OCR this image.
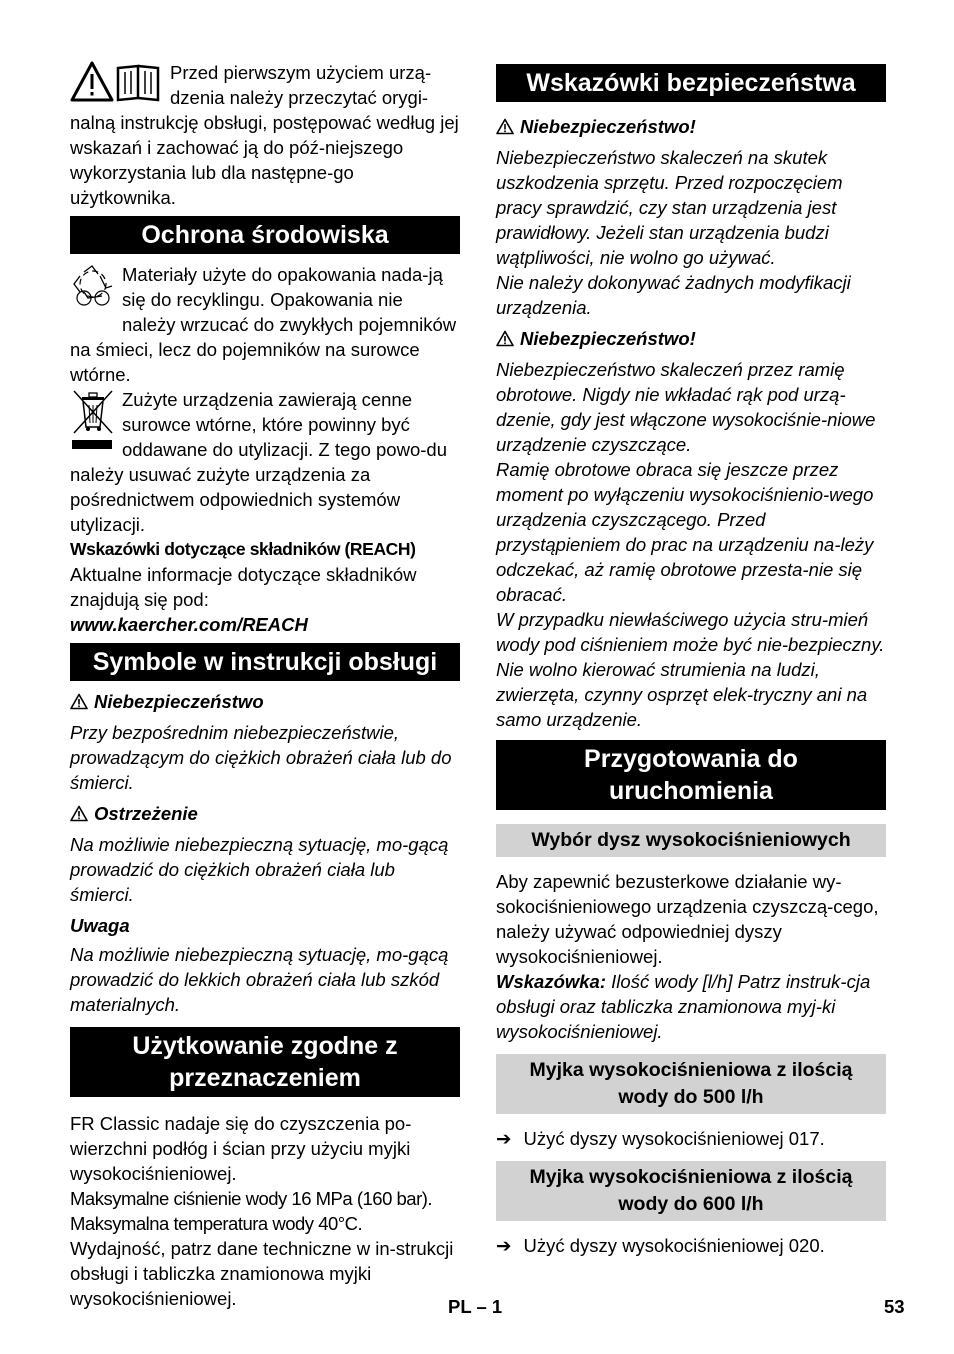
Przed pierwszym użyciem urzą-dzenia należy przeczytać orygi-nalną instrukcję obsługi, postępować według jej wskazań i zachować ją do póź-niejszego wykorzystania lub dla następne-go użytkownika.

Ochrona środowiska

Materiały użyte do opakowania nada-ją się do recyklingu. Opakowania nie należy wrzucać do zwykłych pojemników na śmieci, lecz do pojemników na surowce wtórne.

Zużyte urządzenia zawierają cenne surowce wtórne, które powinny być oddawane do utylizacji. Z tego powo-du należy usuwać zużyte urządzenia za pośrednictwem odpowiednich systemów utylizacji.

Wskazówki dotyczące składników (REACH)

Aktualne informacje dotyczące składników znajdują się pod:

www.kaercher.com/REACH

Symbole w instrukcji obsługi

Niebezpieczeństwo

Przy bezpośrednim niebezpieczeństwie, prowadzącym do ciężkich obrażeń ciała lub do śmierci.

Ostrzeżenie

Na możliwie niebezpieczną sytuację, mo-gącą prowadzić do ciężkich obrażeń ciała lub śmierci.

Uwaga

Na możliwie niebezpieczną sytuację, mo-gącą prowadzić do lekkich obrażeń ciała lub szkód materialnych.

Użytkowanie zgodne z przeznaczeniem

FR Classic nadaje się do czyszczenia po-wierzchni podłóg i ścian przy użyciu myjki wysokociśnieniowej.

Maksymalne ciśnienie wody 16 MPa (160 bar).

Maksymalna temperatura wody 40°C.

Wydajność, patrz dane techniczne w in-strukcji obsługi i tabliczka znamionowa myjki wysokociśnieniowej.

Wskazówki bezpieczeństwa

Niebezpieczeństwo!

Niebezpieczeństwo skaleczeń na skutek uszkodzenia sprzętu. Przed rozpoczęciem pracy sprawdzić, czy stan urządzenia jest prawidłowy. Jeżeli stan urządzenia budzi wątpliwości, nie wolno go używać.

Nie należy dokonywać żadnych modyfikacji urządzenia.

Niebezpieczeństwo!

Niebezpieczeństwo skaleczeń przez ramię obrotowe. Nigdy nie wkładać rąk pod urzą-dzenie, gdy jest włączone wysokociśnie-niowe urządzenie czyszczące.

Ramię obrotowe obraca się jeszcze przez moment po wyłączeniu wysokociśnienio-wego urządzenia czyszczącego. Przed przystąpieniem do prac na urządzeniu na-leży odczekać, aż ramię obrotowe przesta-nie się obracać.

W przypadku niewłaściwego użycia stru-mień wody pod ciśnieniem może być nie-bezpieczny. Nie wolno kierować strumienia na ludzi, zwierzęta, czynny osprzęt elek-tryczny ani na samo urządzenie.

Przygotowania do uruchomienia
Wybór dysz wysokociśnieniowych

Aby zapewnić bezusterkowe działanie wy-sokociśnieniowego urządzenia czyszczą-cego, należy używać odpowiedniej dyszy wysokociśnieniowej.

Wskazówka: Ilość wody [l/h] Patrz instruk-cja obsługi oraz tabliczka znamionowa myj-ki wysokociśnieniowej.

Myjka wysokociśnieniowa z ilością wody do 500 l/h

➔ Użyć dyszy wysokociśnieniowej 017.

Myjka wysokociśnieniowa z ilością wody do 600 l/h

➔ Użyć dyszy wysokociśnieniowej 020.

PL – 1	53
